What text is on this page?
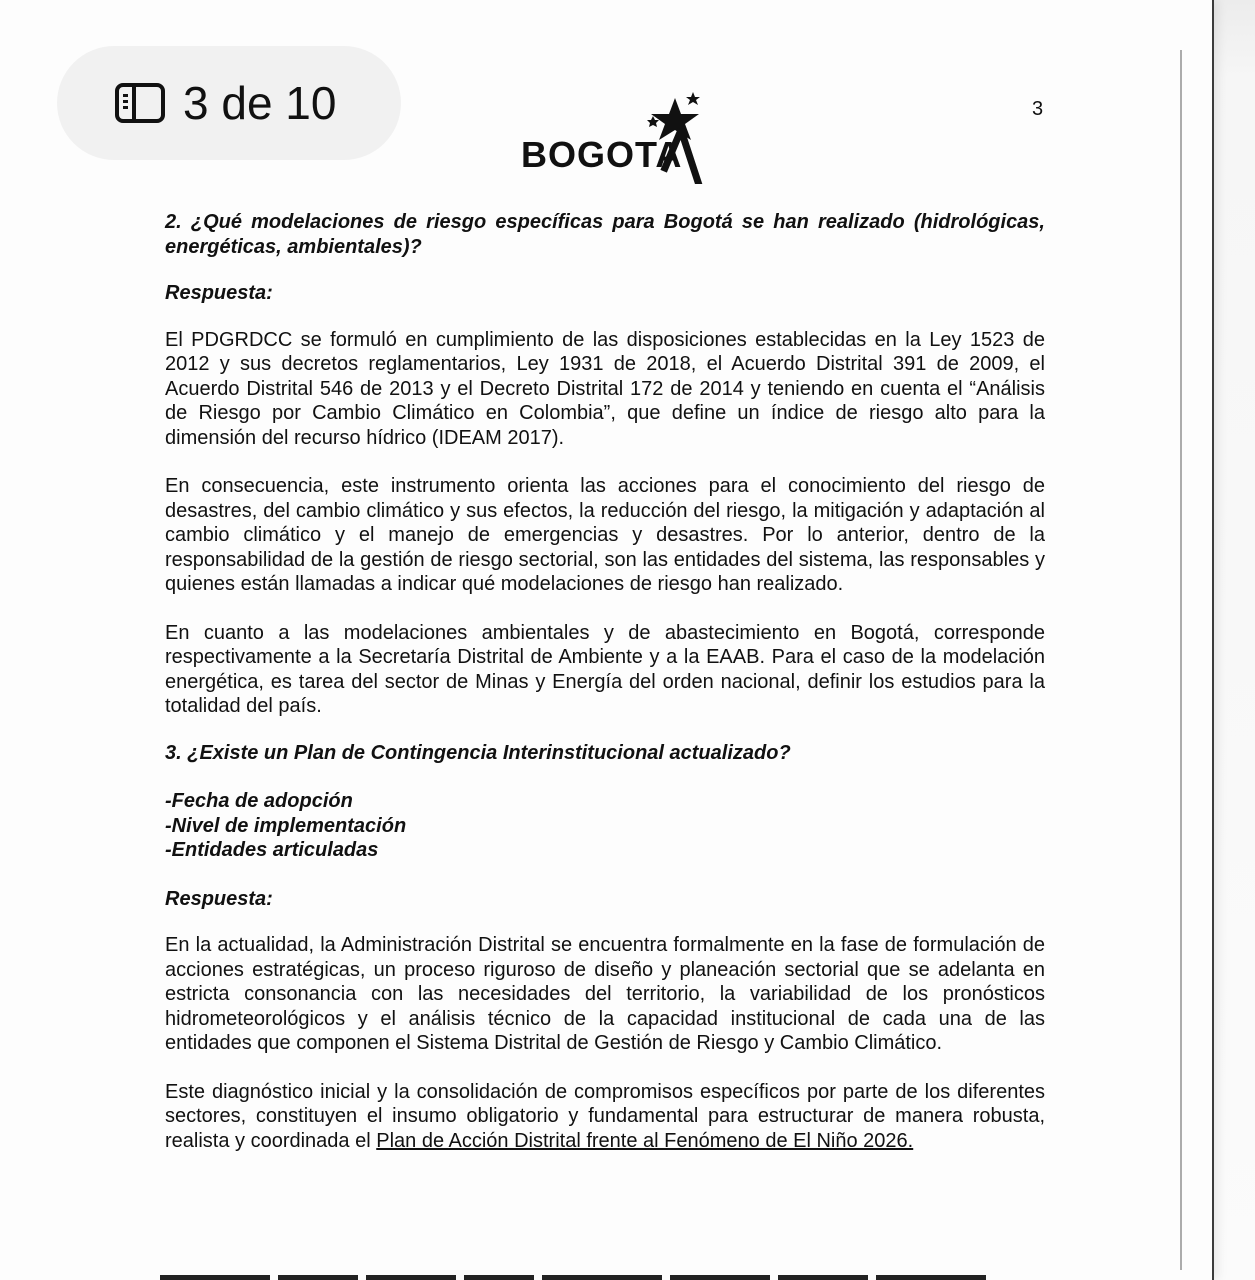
3
BOGOTA

2. ¿Qué modelaciones de riesgo específicas para Bogotá se han realizado (hidrológicas, energéticas, ambientales)?

Respuesta:

El PDGRDCC se formuló en cumplimiento de las disposiciones establecidas en la Ley 1523 de 2012 y sus decretos reglamentarios, Ley 1931 de 2018, el Acuerdo Distrital 391 de 2009, el Acuerdo Distrital 546 de 2013 y el Decreto Distrital 172 de 2014 y teniendo en cuenta el “Análisis de Riesgo por Cambio Climático en Colombia”, que define un índice de riesgo alto para la dimensión del recurso hídrico (IDEAM 2017).

En consecuencia, este instrumento orienta las acciones para el conocimiento del riesgo de desastres, del cambio climático y sus efectos, la reducción del riesgo, la mitigación y adaptación al cambio climático y el manejo de emergencias y desastres. Por lo anterior, dentro de la responsabilidad de la gestión de riesgo sectorial, son las entidades del sistema, las responsables y quienes están llamadas a indicar qué modelaciones de riesgo han realizado.

En cuanto a las modelaciones ambientales y de abastecimiento en Bogotá, corresponde respectivamente a la Secretaría Distrital de Ambiente y a la EAAB. Para el caso de la modelación energética, es tarea del sector de Minas y Energía del orden nacional, definir los estudios para la totalidad del país.

3. ¿Existe un Plan de Contingencia Interinstitucional actualizado?

-Fecha de adopción
-Nivel de implementación
-Entidades articuladas

Respuesta:

En la actualidad, la Administración Distrital se encuentra formalmente en la fase de formulación de acciones estratégicas, un proceso riguroso de diseño y planeación sectorial que se adelanta en estricta consonancia con las necesidades del territorio, la variabilidad de los pronósticos hidrometeorológicos y el análisis técnico de la capacidad institucional de cada una de las entidades que componen el Sistema Distrital de Gestión de Riesgo y Cambio Climático.

Este diagnóstico inicial y la consolidación de compromisos específicos por parte de los diferentes sectores, constituyen el insumo obligatorio y fundamental para estructurar de manera robusta, realista y coordinada el Plan de Acción Distrital frente al Fenómeno de El Niño 2026.

3 de 10
